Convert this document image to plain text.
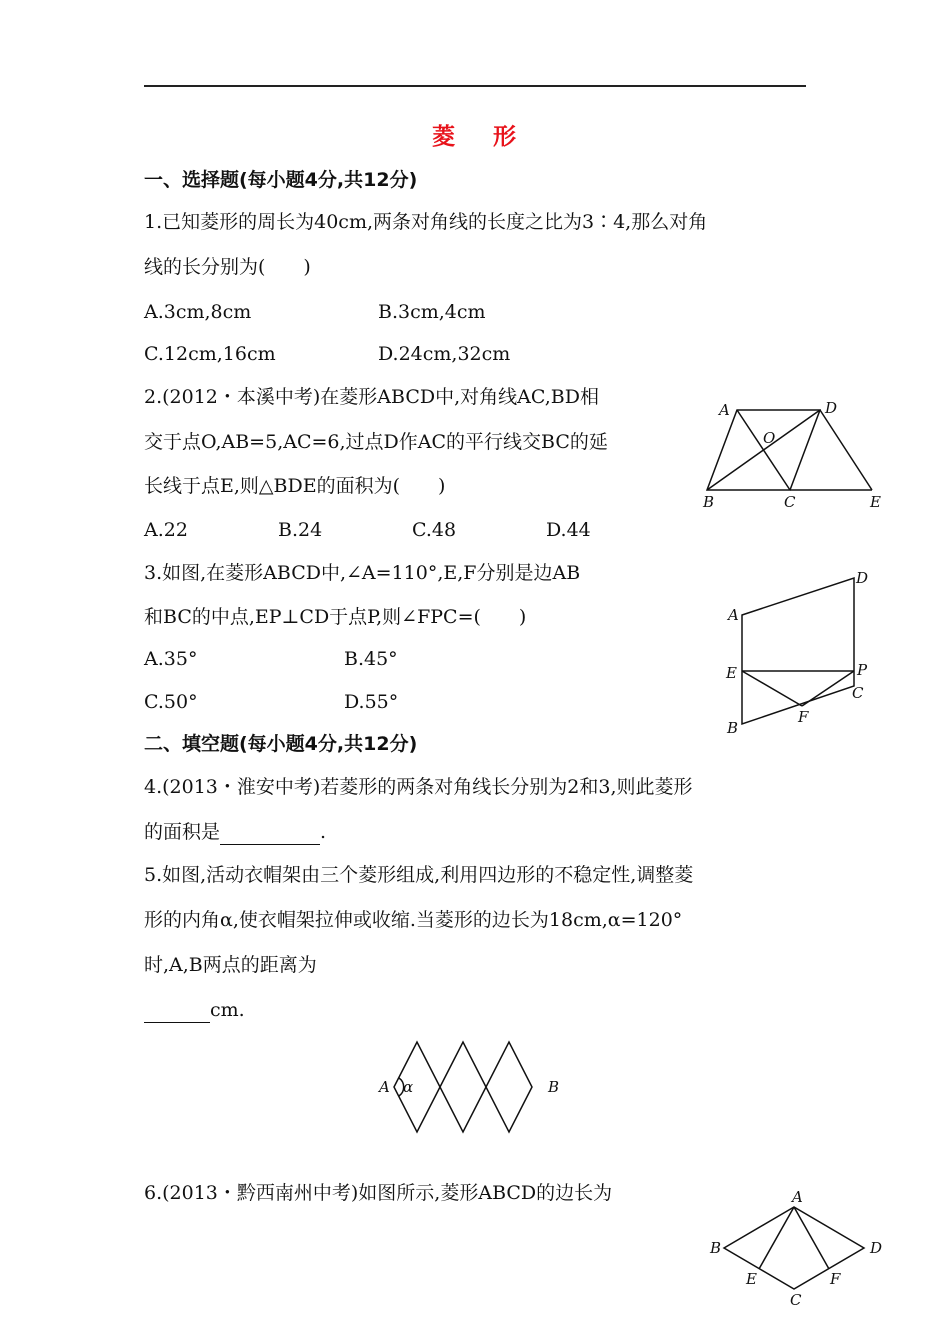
菱 形
一、选择题(每小题4分,共12分)
1.已知菱形的周长为40cm,两条对角线的长度之比为3∶4,那么对角
线的长分别为(　　)
A.3cm,8cm	B.3cm,4cm
C.12cm,16cm	D.24cm,32cm
2.(2012・本溪中考)在菱形ABCD中,对角线AC,BD相
交于点O,AB=5,AC=6,过点D作AC的平行线交BC的延
长线于点E,则△BDE的面积为(　　)
A.22	B.24	C.48	D.44
A	D
O
B	C	E
3.如图,在菱形ABCD中,∠A=110°,E,F分别是边AB
和BC的中点,EP⊥CD于点P,则∠FPC=(　　)
A.35°	B.45°
C.50°	D.55°
A
D
E	P
C
F
B
二、填空题(每小题4分,共12分)
4.(2013・淮安中考)若菱形的两条对角线长分别为2和3,则此菱形
的面积是	.
5.如图,活动衣帽架由三个菱形组成,利用四边形的不稳定性,调整菱
形的内角α,使衣帽架拉伸或收缩.当菱形的边长为18cm,α=120°
时,A,B两点的距离为
cm.
A α	B
6.(2013・黔西南州中考)如图所示,菱形ABCD的边长为	A
B	D
E	F
C
